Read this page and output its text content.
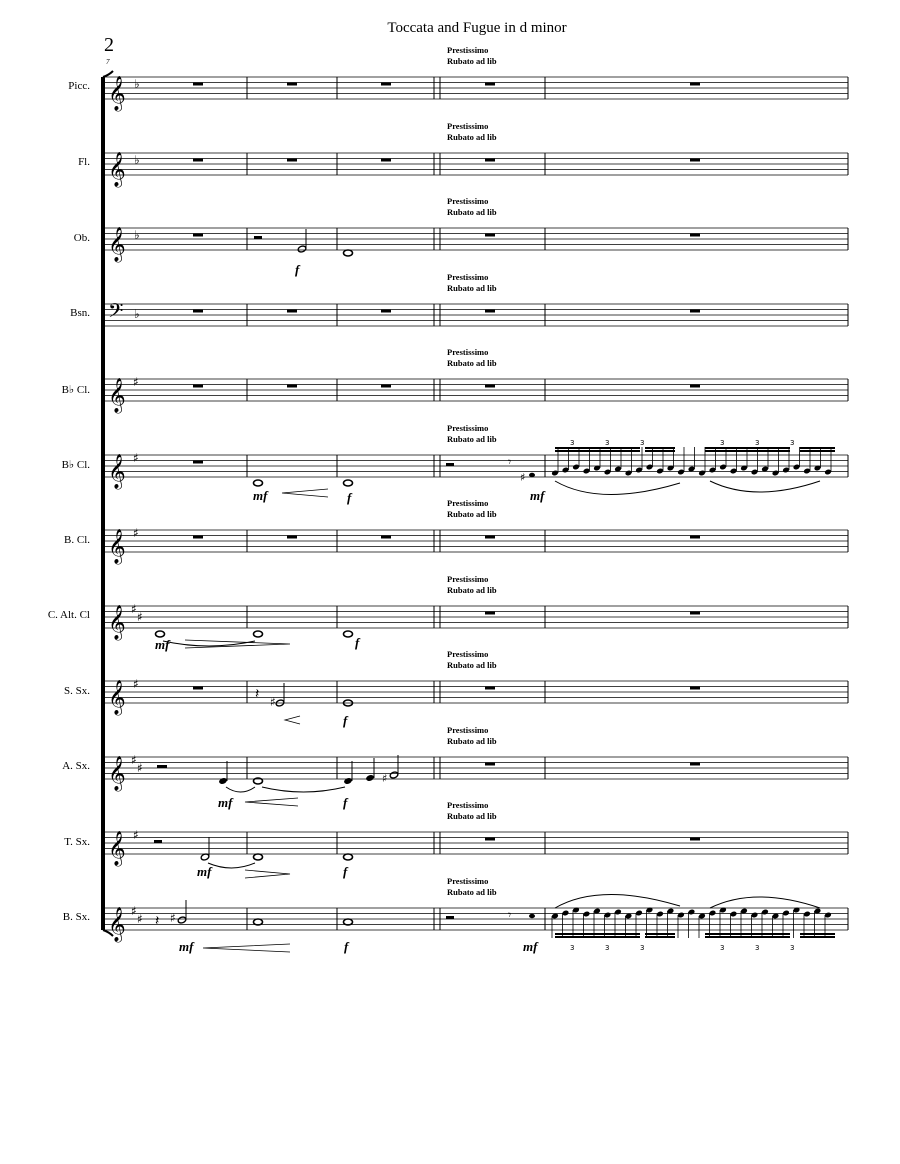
Toccata and Fugue in d minor
2
7
Picc.
Fl.
Ob.
Bsn.
B♭ Cl.
B♭ Cl.
B. Cl.
C. Alt. Cl
S. Sx.
A. Sx.
T. Sx.
B. Sx.
Prestissimo
Rubato ad lib
Prestissimo
Rubato ad lib
Prestissimo
Rubato ad lib
Prestissimo
Rubato ad lib
Prestissimo
Rubato ad lib
Prestissimo
Rubato ad lib
Prestissimo
Rubato ad lib
Prestissimo
Rubato ad lib
Prestissimo
Rubato ad lib
Prestissimo
Rubato ad lib
Prestissimo
Rubato ad lib
Prestissimo
Rubato ad lib
f
mf	f	mf
mf	f
f
mf	f
mf	f
mf	f	mf
𝄞 ♭
𝄞 ♭
𝄞 ♭
𝄢 ♭
𝄞 ♯
𝄞 ♯
𝄞 ♯
𝄞 ♯
♯
𝄞 ♯
𝄞 ♯
♯
𝄞 ♯
𝄞 ♯
♯
𝄾
𝄽 ♯
♯
𝄽 ♯	𝄾
♯
3	3	3	3	3	3
3	3	3	3	3	3
